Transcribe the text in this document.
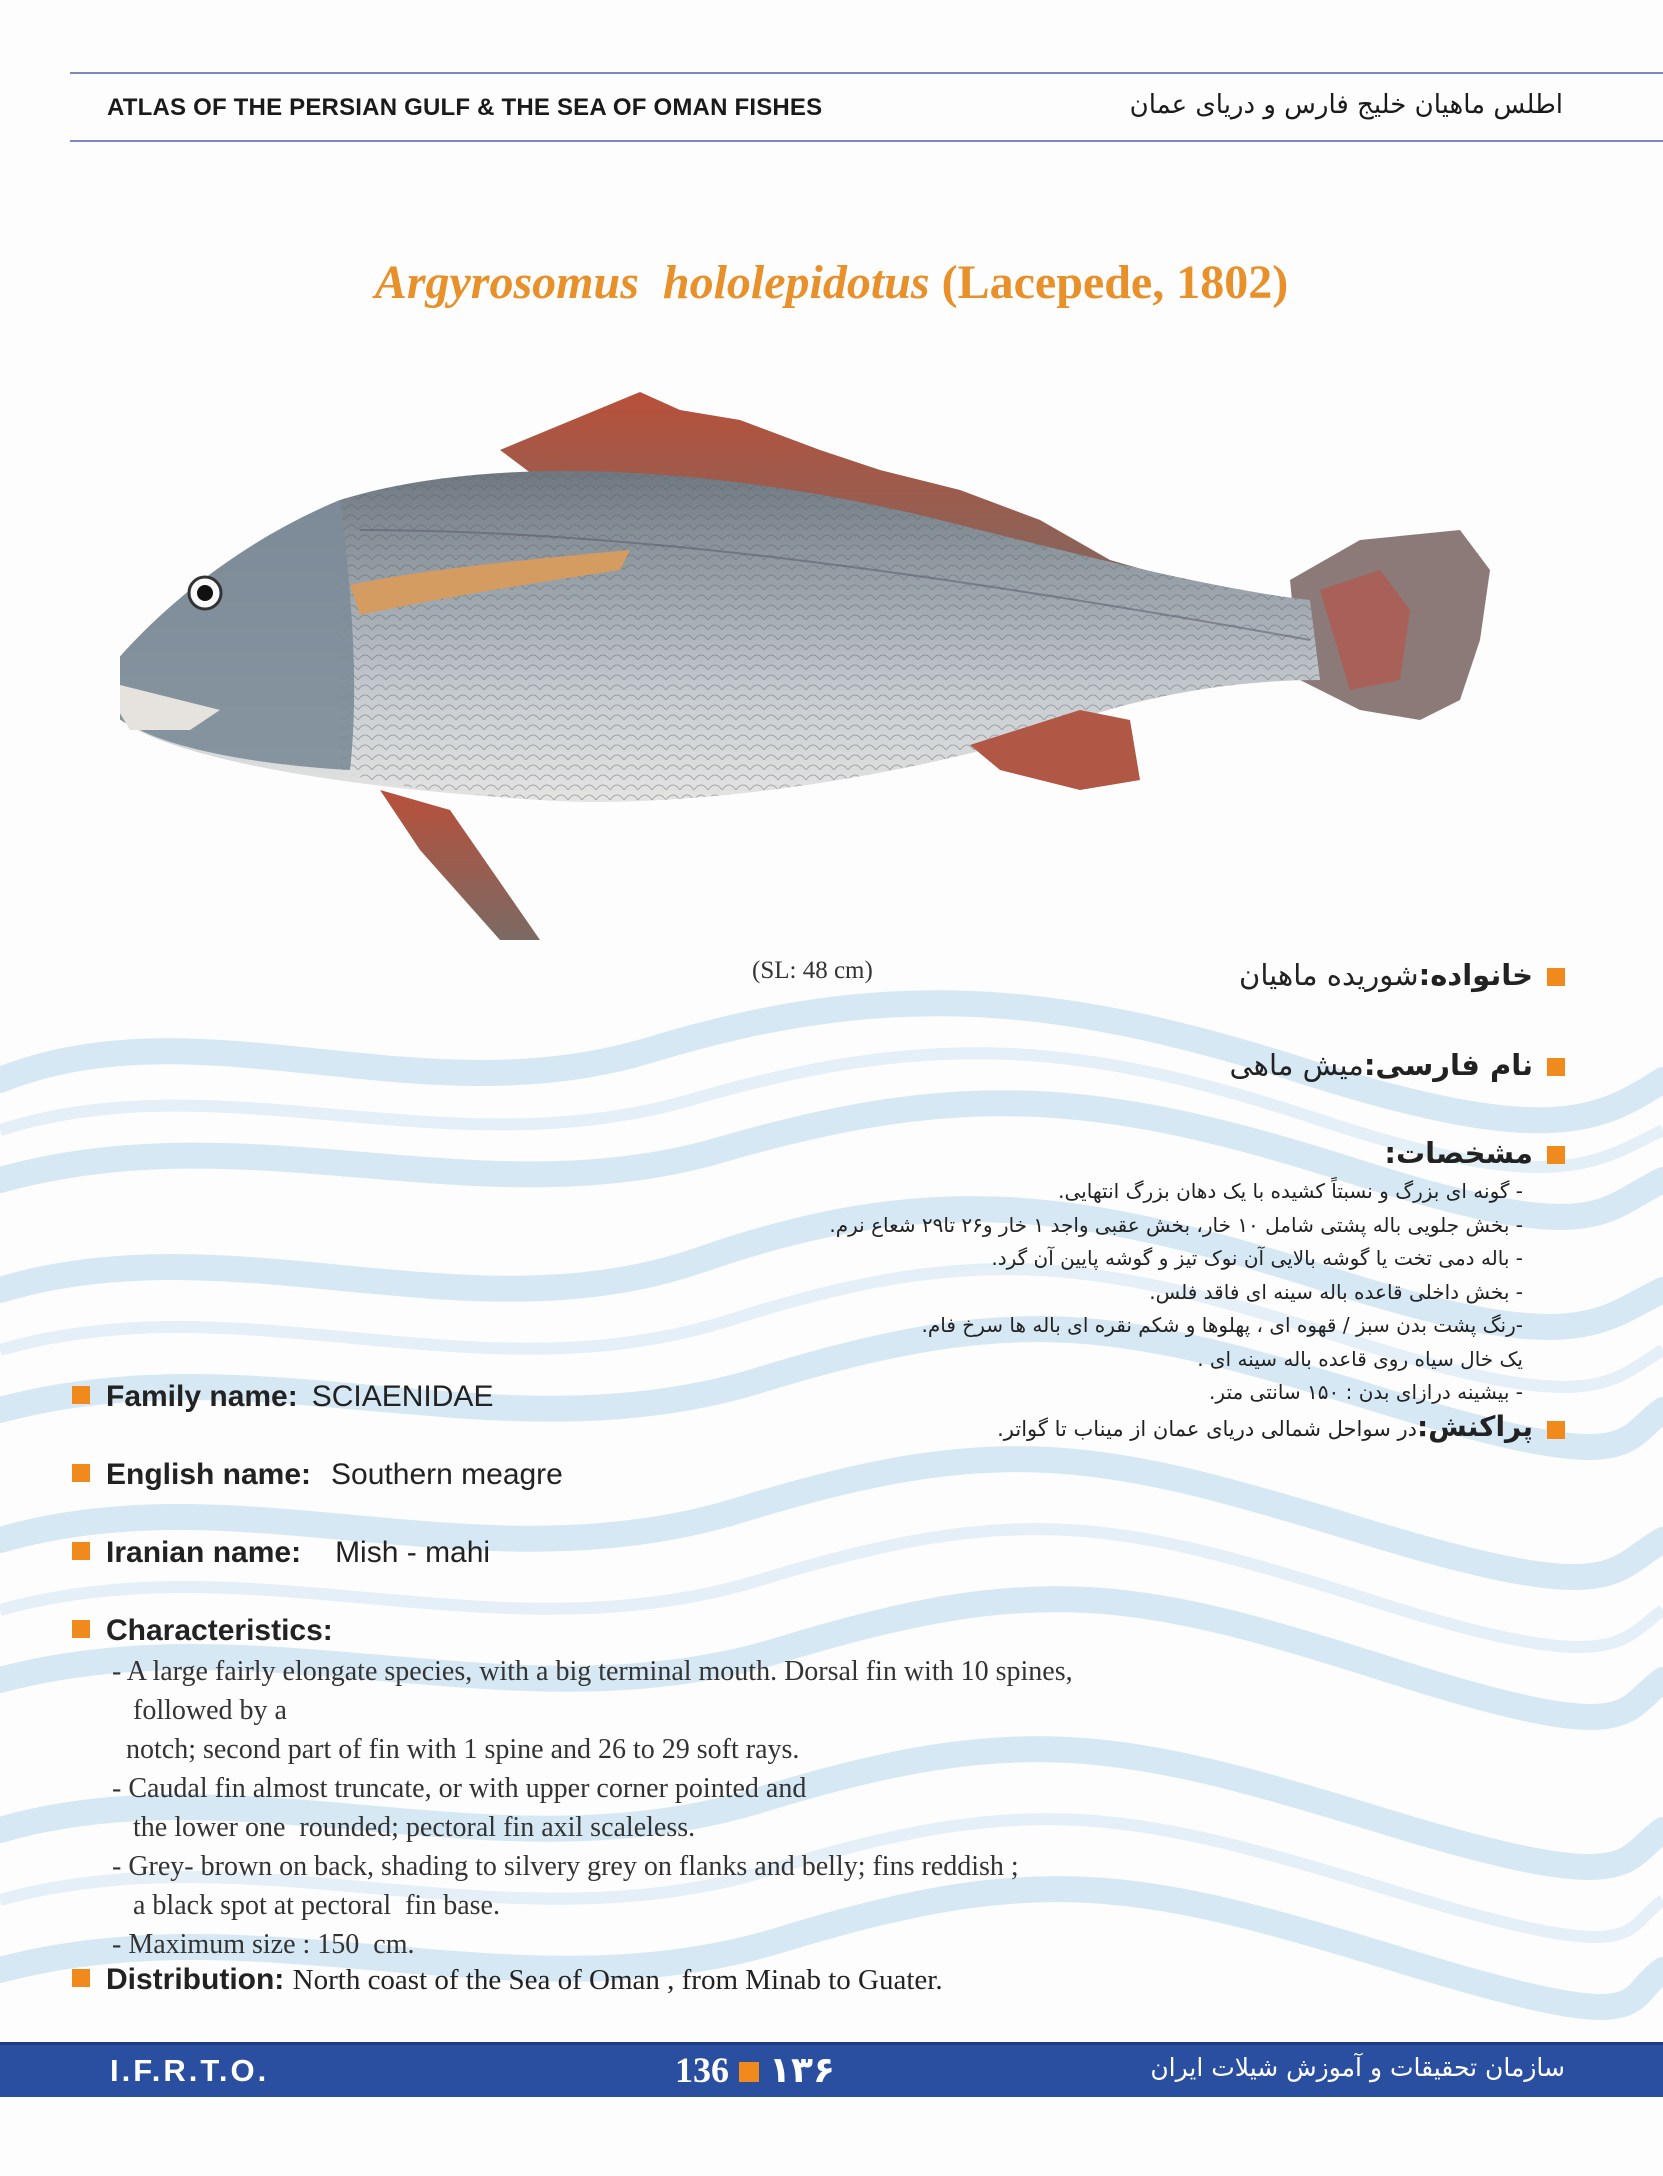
ATLAS OF THE PERSIAN GULF & THE SEA OF OMAN FISHES	اطلس ماهیان خلیج فارس و دریای عمان
Argyrosomus hololepidotus (Lacepede, 1802)
(SL: 48 cm)	خانواده:شوریده ماهیان
نام فارسی:میش ماهی
مشخصات:
- گونه ای بزرگ و نسبتاً کشیده با یک دهان بزرگ انتهایی.
- بخش جلویی باله پشتی شامل ۱۰ خار، بخش عقبی واجد ۱ خار و۲۶ تا۲۹ شعاع نرم.
- باله دمی تخت یا گوشه بالایی آن نوک تیز و گوشه پایین آن گرد.
- بخش داخلی قاعده باله سینه ای فاقد فلس.
-رنگ پشت بدن سبز / قهوه ای ، پهلوها و شکم نقره ای باله ها سرخ فام.
یک خال سیاه روی قاعده باله سینه ای .
- بیشینه درازای بدن : ۱۵۰ سانتی متر.
پراکنش:در سواحل شمالی دریای عمان از میناب تا گواتر.
Family name: SCIAENIDAE
English name: Southern meagre
Iranian name: Mish - mahi
Characteristics:
- A large fairly elongate species, with a big terminal mouth. Dorsal fin with 10 spines,
followed by a
notch; second part of fin with 1 spine and 26 to 29 soft rays.
- Caudal fin almost truncate, or with upper corner pointed and
the lower one  rounded; pectoral fin axil scaleless.
- Grey- brown on back, shading to silvery grey on flanks and belly; fins reddish ;
a black spot at pectoral  fin base.
- Maximum size : 150  cm.
Distribution: North coast of the Sea of Oman , from Minab to Guater.
I.F.R.T.O.	136 ۱۳۶	سازمان تحقیقات و آموزش شیلات ایران
